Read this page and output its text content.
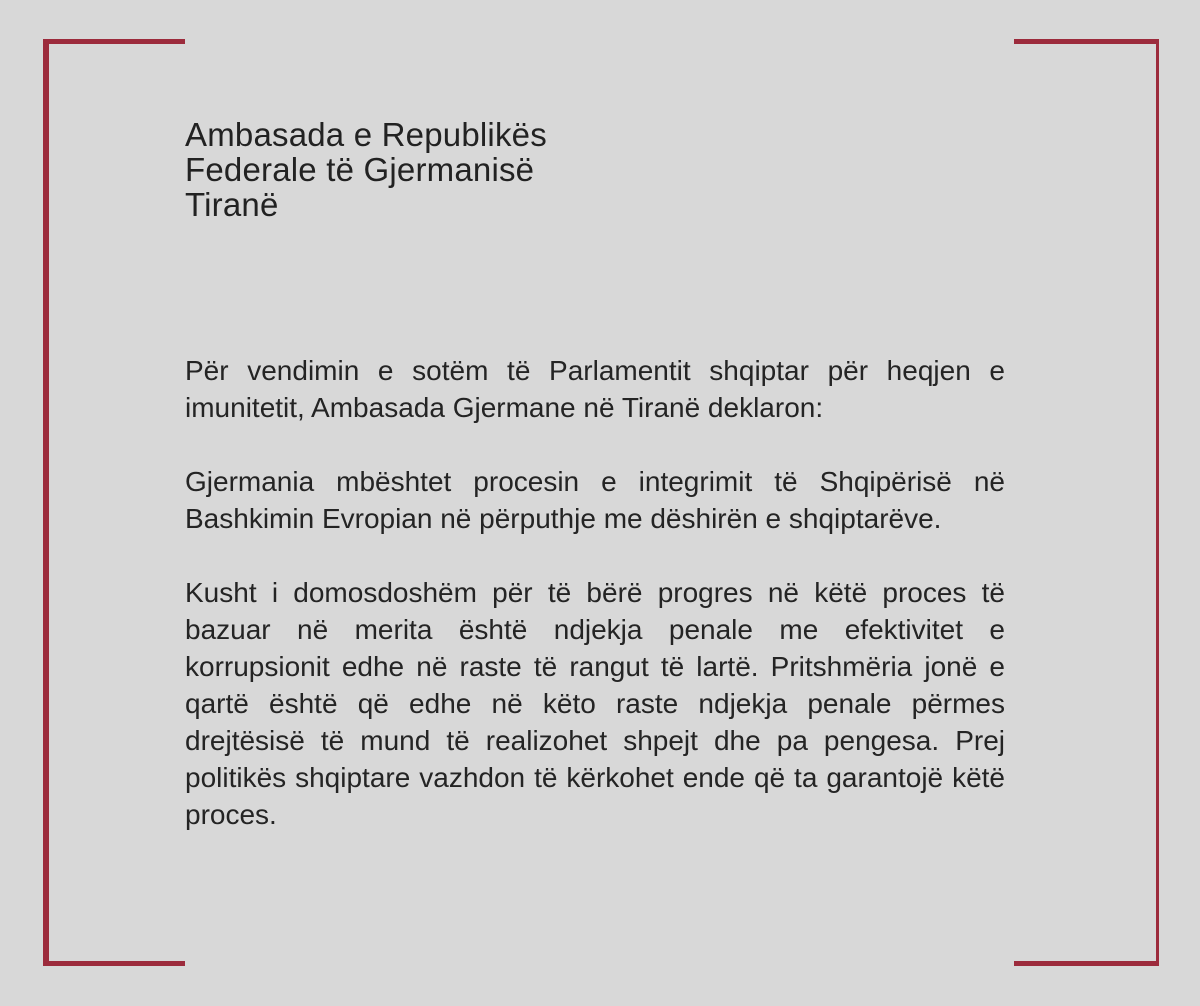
Ambasada e Republikës
Federale të Gjermanisë
Tiranë

Për vendimin e sotëm të Parlamentit shqiptar për heqjen e imunitetit, Ambasada Gjermane në Tiranë deklaron:

Gjermania mbështet procesin e integrimit të Shqipërisë në Bashkimin Evropian në përputhje me dëshirën e shqiptarëve.

Kusht i domosdoshëm për të bërë progres në këtë proces të bazuar në merita është ndjekja penale me efektivitet e korrupsionit edhe në raste të rangut të lartë. Pritshmëria jonë e qartë është që edhe në këto raste ndjekja penale përmes drejtësisë të mund të realizohet shpejt dhe pa pengesa. Prej politikës shqiptare vazhdon të kërkohet ende që ta garantojë këtë proces.
